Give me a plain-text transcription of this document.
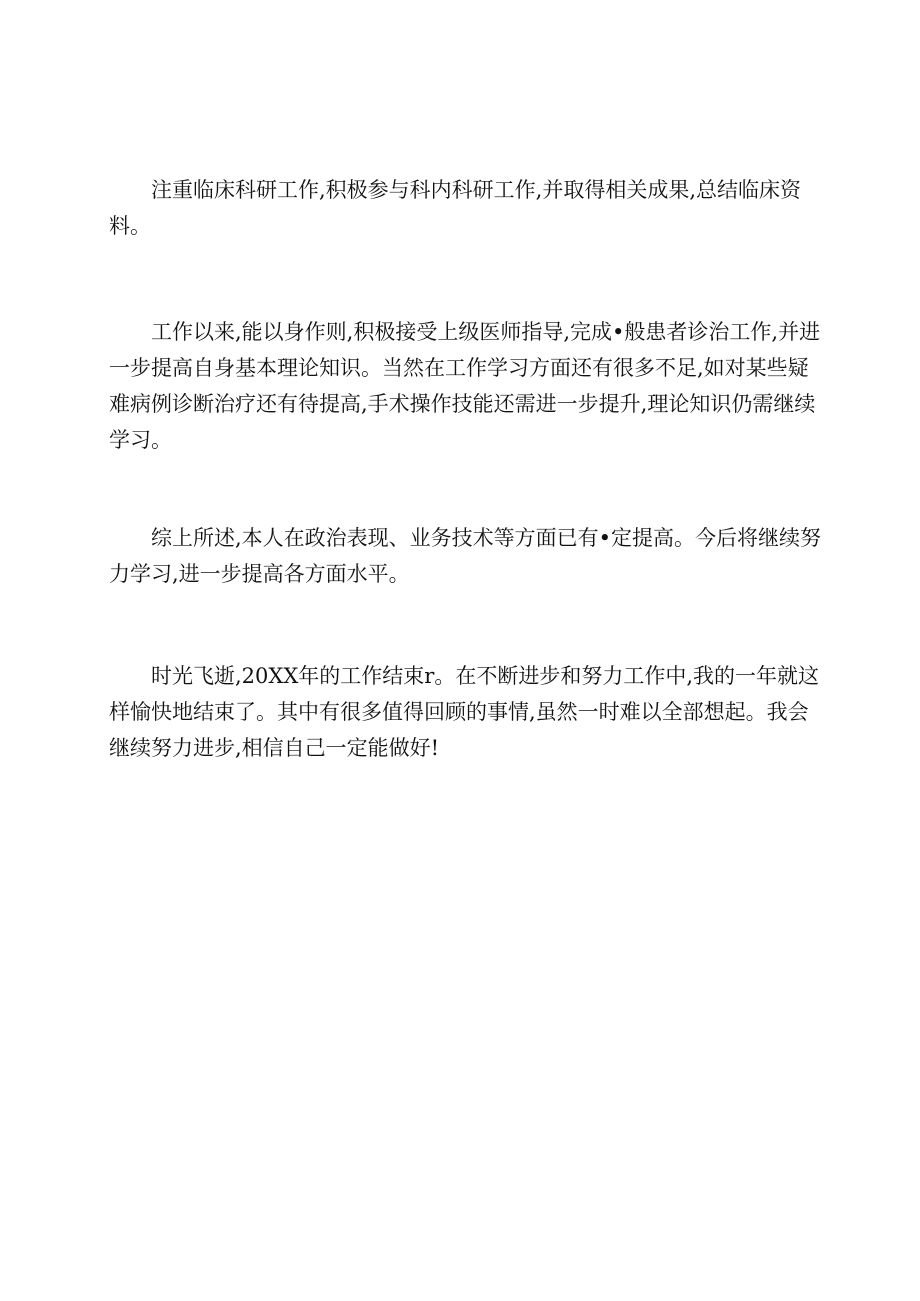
注重临床科研工作,积极参与科内科研工作,并取得相关成果,总结临床资料。

工作以来,能以身作则,积极接受上级医师指导,完成•般患者诊治工作,并进一步提高自身基本理论知识。当然在工作学习方面还有很多不足,如对某些疑难病例诊断治疗还有待提高,手术操作技能还需进一步提升,理论知识仍需继续学习。

综上所述,本人在政治表现、业务技术等方面已有•定提高。今后将继续努力学习,进一步提高各方面水平。

时光飞逝,20XX年的工作结束r。在不断进步和努力工作中,我的一年就这样愉快地结束了。其中有很多值得回顾的事情,虽然一时难以全部想起。我会继续努力进步,相信自己一定能做好!
